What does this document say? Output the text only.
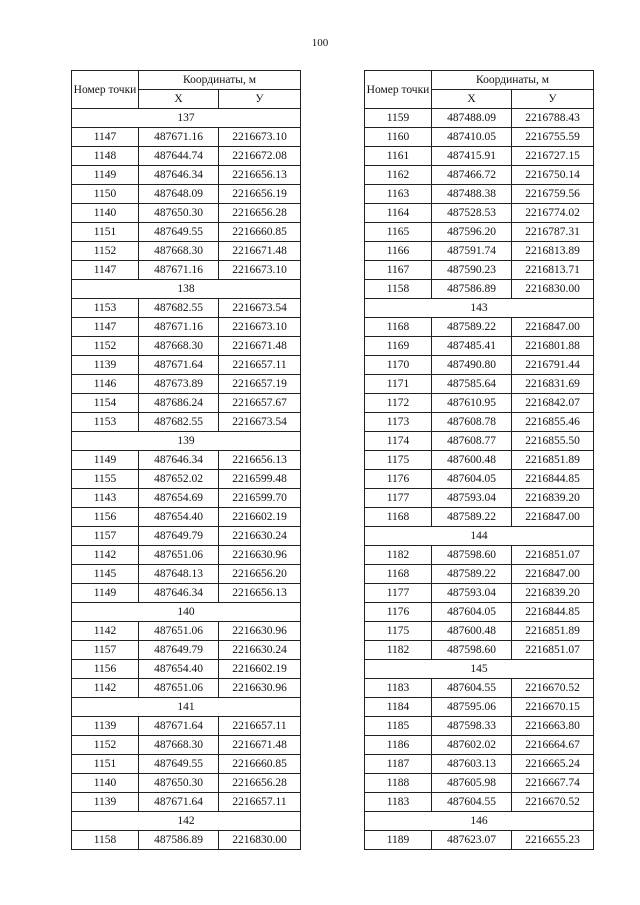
100
Номер точки	Координаты, м	
	X	У
137		
1147	487671.16	2216673.10
1148	487644.74	2216672.08
1149	487646.34	2216656.13
1150	487648.09	2216656.19
1140	487650.30	2216656.28
1151	487649.55	2216660.85
1152	487668.30	2216671.48
1147	487671.16	2216673.10
138		
1153	487682.55	2216673.54
1147	487671.16	2216673.10
1152	487668.30	2216671.48
1139	487671.64	2216657.11
1146	487673.89	2216657.19
1154	487686.24	2216657.67
1153	487682.55	2216673.54
139		
1149	487646.34	2216656.13
1155	487652.02	2216599.48
1143	487654.69	2216599.70
1156	487654.40	2216602.19
1157	487649.79	2216630.24
1142	487651.06	2216630.96
1145	487648.13	2216656.20
1149	487646.34	2216656.13
140		
1142	487651.06	2216630.96
1157	487649.79	2216630.24
1156	487654.40	2216602.19
1142	487651.06	2216630.96
141		
1139	487671.64	2216657.11
1152	487668.30	2216671.48
1151	487649.55	2216660.85
1140	487650.30	2216656.28
1139	487671.64	2216657.11
142		
1158	487586.89	2216830.00
Номер точки	Координаты, м	
	X	У
1159	487488.09	2216788.43
1160	487410.05	2216755.59
1161	487415.91	2216727.15
1162	487466.72	2216750.14
1163	487488.38	2216759.56
1164	487528.53	2216774.02
1165	487596.20	2216787.31
1166	487591.74	2216813.89
1167	487590.23	2216813.71
1158	487586.89	2216830.00
143		
1168	487589.22	2216847.00
1169	487485.41	2216801.88
1170	487490.80	2216791.44
1171	487585.64	2216831.69
1172	487610.95	2216842.07
1173	487608.78	2216855.46
1174	487608.77	2216855.50
1175	487600.48	2216851.89
1176	487604.05	2216844.85
1177	487593.04	2216839.20
1168	487589.22	2216847.00
144		
1182	487598.60	2216851.07
1168	487589.22	2216847.00
1177	487593.04	2216839.20
1176	487604.05	2216844.85
1175	487600.48	2216851.89
1182	487598.60	2216851.07
145		
1183	487604.55	2216670.52
1184	487595.06	2216670.15
1185	487598.33	2216663.80
1186	487602.02	2216664.67
1187	487603.13	2216665.24
1188	487605.98	2216667.74
1183	487604.55	2216670.52
146		
1189	487623.07	2216655.23
